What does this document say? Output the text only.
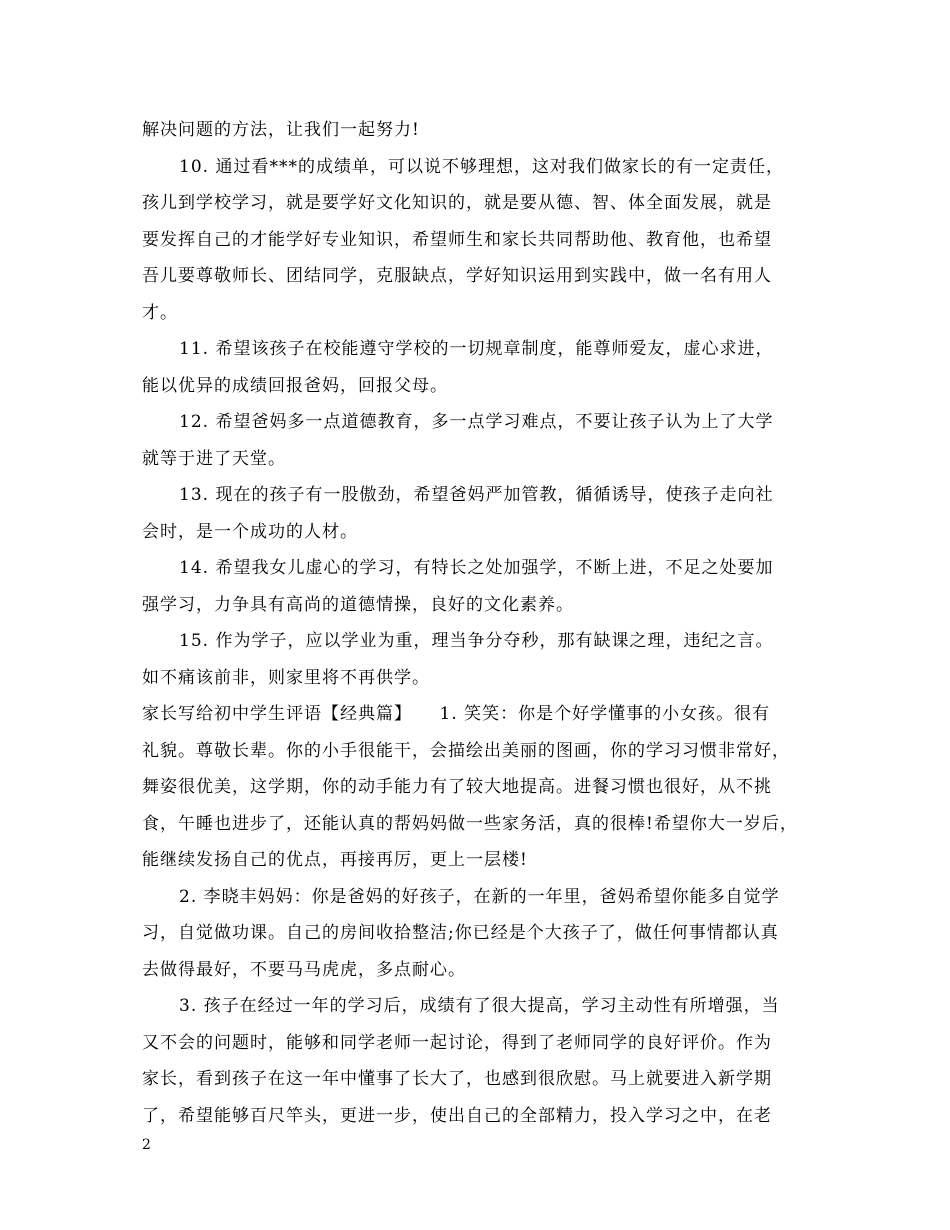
解决问题的方法，让我们一起努力!
10. 通过看***的成绩单，可以说不够理想，这对我们做家长的有一定责任，
孩儿到学校学习，就是要学好文化知识的，就是要从德、智、体全面发展，就是
要发挥自己的才能学好专业知识，希望师生和家长共同帮助他、教育他，也希望
吾儿要尊敬师长、团结同学，克服缺点，学好知识运用到实践中，做一名有用人
才。
11. 希望该孩子在校能遵守学校的一切规章制度，能尊师爱友，虚心求进，
能以优异的成绩回报爸妈，回报父母。
12. 希望爸妈多一点道德教育，多一点学习难点，不要让孩子认为上了大学
就等于进了天堂。
13. 现在的孩子有一股傲劲，希望爸妈严加管教，循循诱导，使孩子走向社
会时，是一个成功的人材。
14. 希望我女儿虚心的学习，有特长之处加强学，不断上进，不足之处要加
强学习，力争具有高尚的道德情操，良好的文化素养。
15. 作为学子，应以学业为重，理当争分夺秒，那有缺课之理，违纪之言。
如不痛该前非，则家里将不再供学。
家长写给初中学生评语【经典篇】　　1. 笑笑：你是个好学懂事的小女孩。很有
礼貌。尊敬长辈。你的小手很能干，会描绘出美丽的图画，你的学习习惯非常好，
舞姿很优美，这学期，你的动手能力有了较大地提高。进餐习惯也很好，从不挑
食，午睡也进步了，还能认真的帮妈妈做一些家务活，真的很棒!希望你大一岁后，
能继续发扬自己的优点，再接再厉，更上一层楼!
2. 李晓丰妈妈：你是爸妈的好孩子，在新的一年里，爸妈希望你能多自觉学
习，自觉做功课。自己的房间收拾整洁;你已经是个大孩子了，做任何事情都认真
去做得最好，不要马马虎虎，多点耐心。
3. 孩子在经过一年的学习后，成绩有了很大提高，学习主动性有所增强，当
又不会的问题时，能够和同学老师一起讨论，得到了老师同学的良好评价。作为
家长，看到孩子在这一年中懂事了长大了，也感到很欣慰。马上就要进入新学期
了，希望能够百尺竿头，更进一步，使出自己的全部精力，投入学习之中，在老
2
